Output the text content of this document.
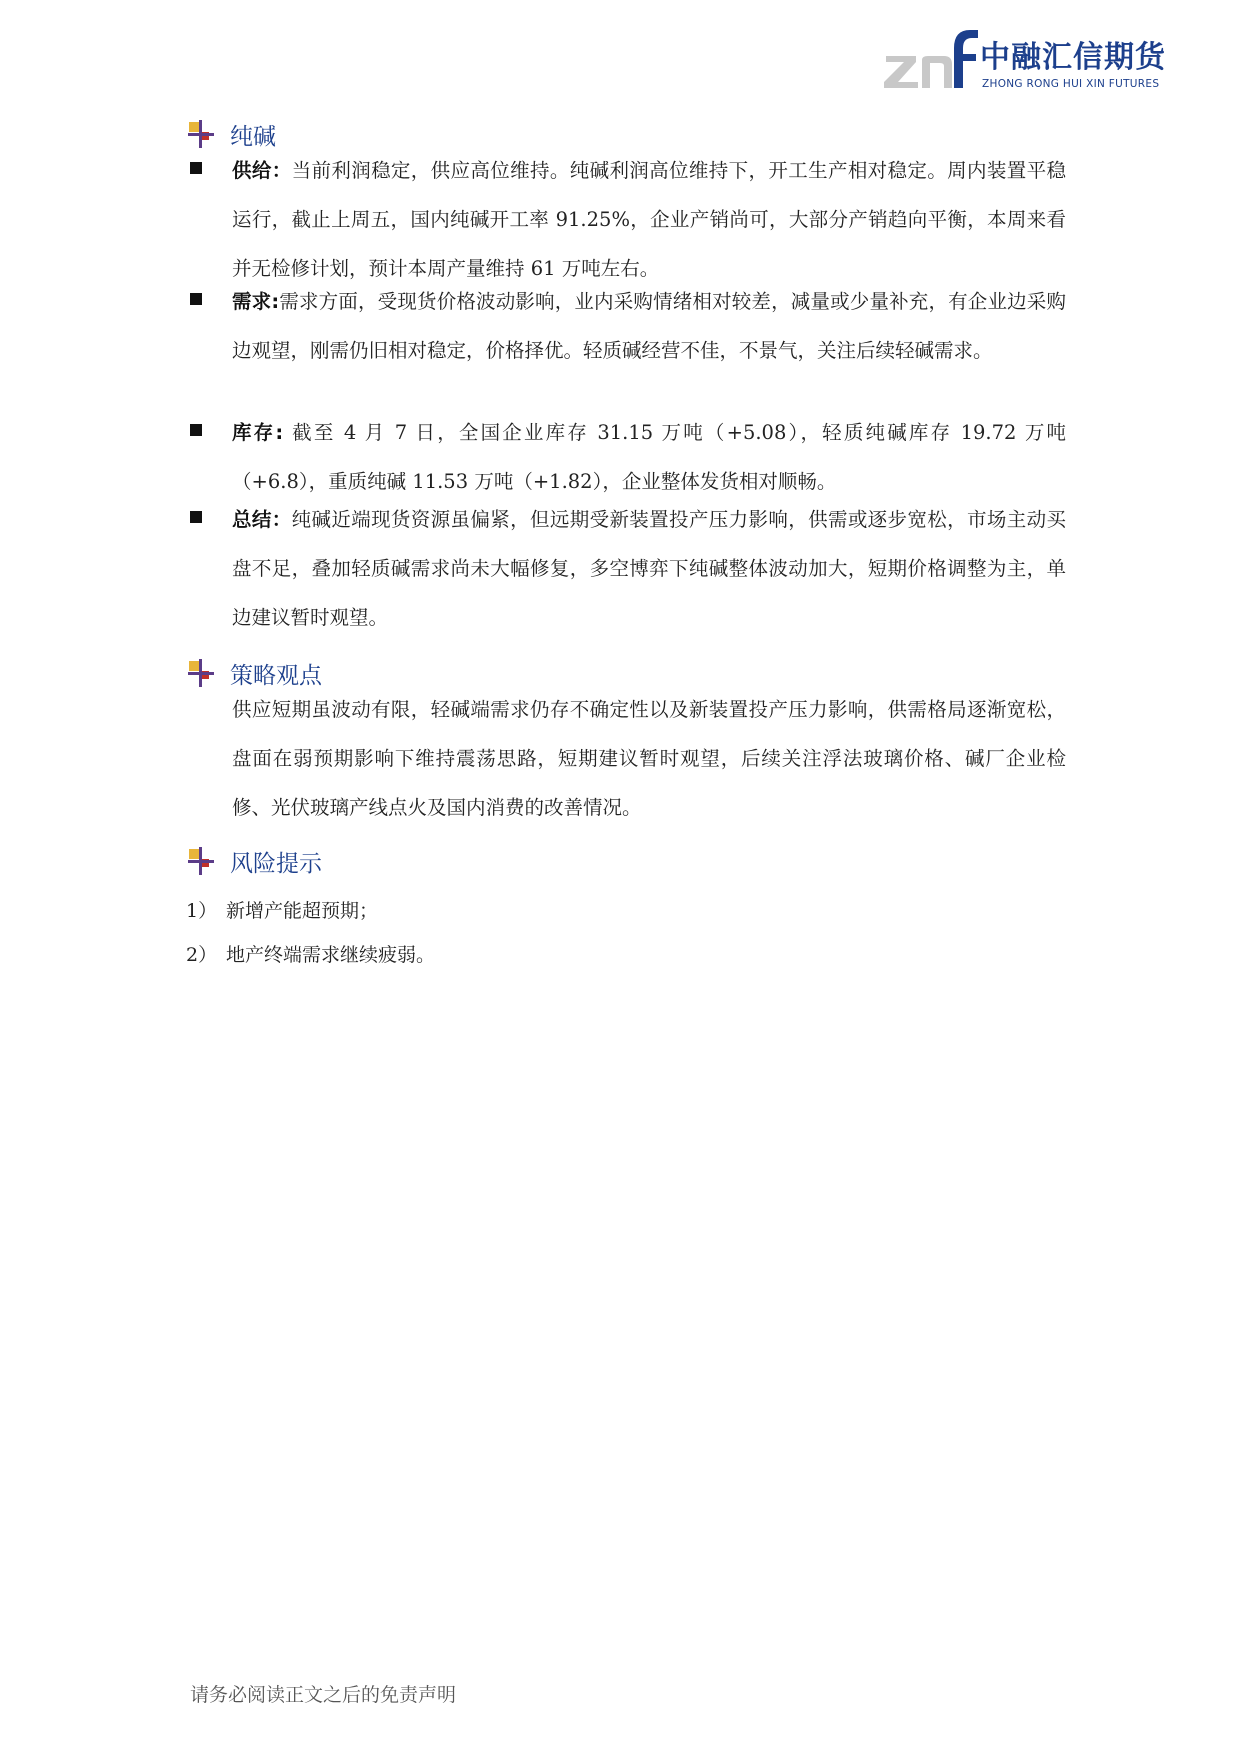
中融汇信期货
ZHONG RONG HUI XIN FUTURES
纯碱
供给：当前利润稳定，供应高位维持。纯碱利润高位维持下，开工生产相对稳定。周内装置平稳运行，截止上周五，国内纯碱开工率 91.25%，企业产销尚可，大部分产销趋向平衡，本周来看并无检修计划，预计本周产量维持 61 万吨左右。
需求:需求方面，受现货价格波动影响，业内采购情绪相对较差，减量或少量补充，有企业边采购边观望，刚需仍旧相对稳定，价格择优。轻质碱经营不佳，不景气，关注后续轻碱需求。
库存: 截至 4 月 7 日，全国企业库存 31.15 万吨（+5.08），轻质纯碱库存 19.72 万吨（+6.8），重质纯碱 11.53 万吨（+1.82），企业整体发货相对顺畅。
总结：纯碱近端现货资源虽偏紧，但远期受新装置投产压力影响，供需或逐步宽松，市场主动买盘不足，叠加轻质碱需求尚未大幅修复，多空博弈下纯碱整体波动加大，短期价格调整为主，单边建议暂时观望。
策略观点
供应短期虽波动有限，轻碱端需求仍存不确定性以及新装置投产压力影响，供需格局逐渐宽松，盘面在弱预期影响下维持震荡思路，短期建议暂时观望，后续关注浮法玻璃价格、碱厂企业检修、光伏玻璃产线点火及国内消费的改善情况。
风险提示
1） 新增产能超预期；
2） 地产终端需求继续疲弱。
请务必阅读正文之后的免责声明
